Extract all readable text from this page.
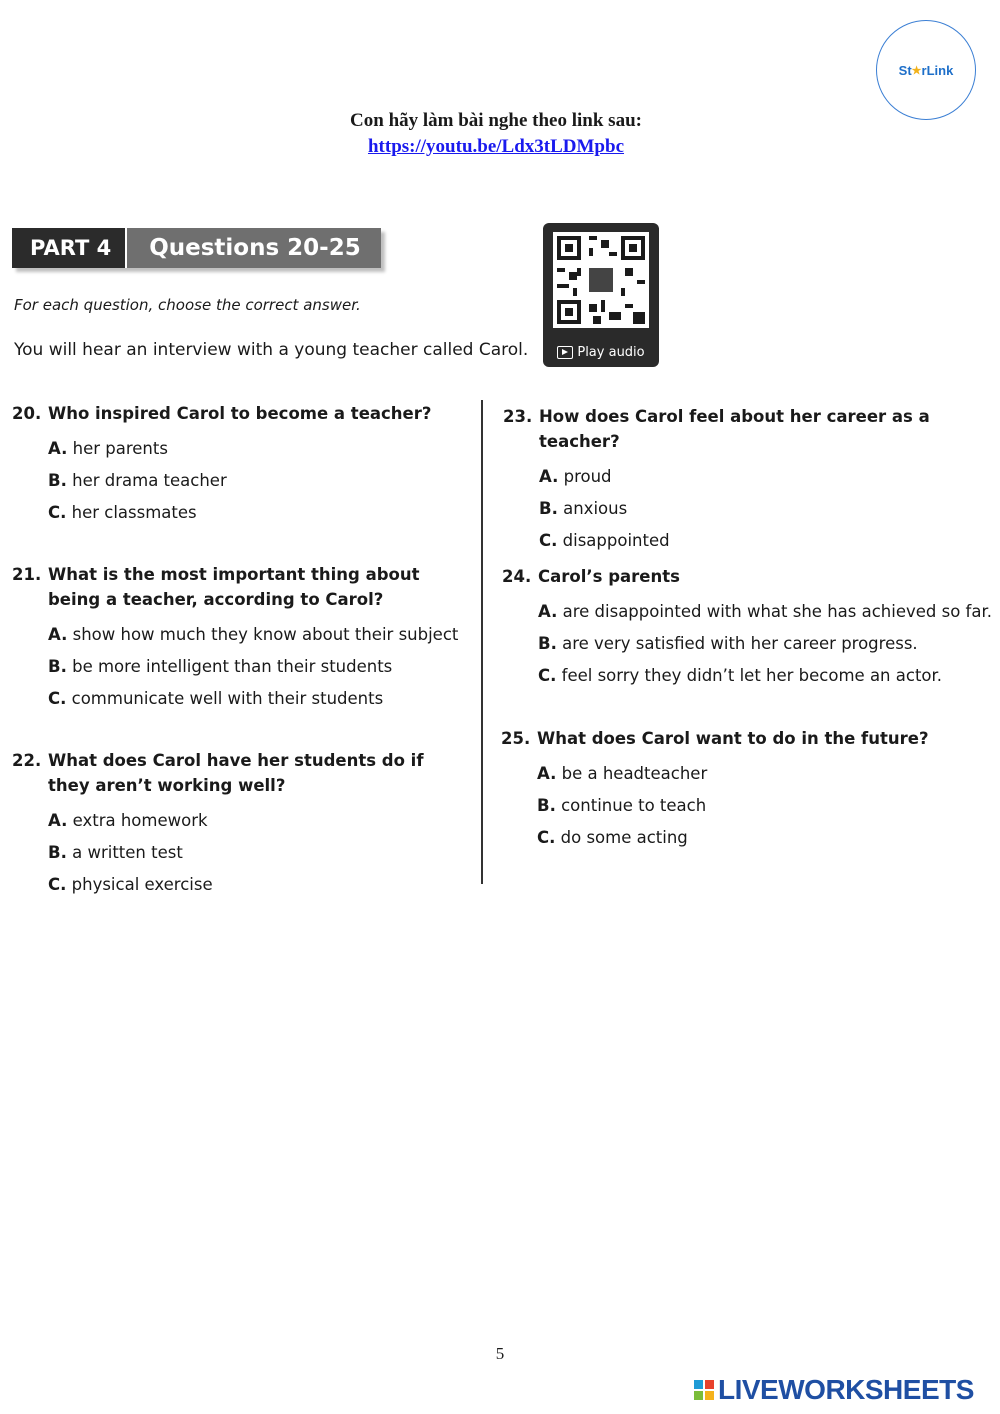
St ★ rLink
Con hãy làm bài nghe theo link sau:
https://youtu.be/Ldx3tLDMpbc
PART 4	Questions 20-25
For each question, choose the correct answer.
You will hear an interview with a young teacher called Carol.	Play audio
20. Who inspired Carol to become a teacher?
A. her parents
B. her drama teacher
C. her classmates
21. What is the most important thing about being a teacher, according to Carol?
A. show how much they know about their subject
B. be more intelligent than their students
C. communicate well with their students
22. What does Carol have her students do if they aren’t working well?
A. extra homework
B. a written test
C. physical exercise
23. How does Carol feel about her career as a teacher?
A. proud
B. anxious
C. disappointed
24. Carol’s parents
A. are disappointed with what she has achieved so far.
B. are very satisfied with her career progress.
C. feel sorry they didn’t let her become an actor.
25. What does Carol want to do in the future?
A. be a headteacher
B. continue to teach
C. do some acting
5
LIVEWORKSHEETS
